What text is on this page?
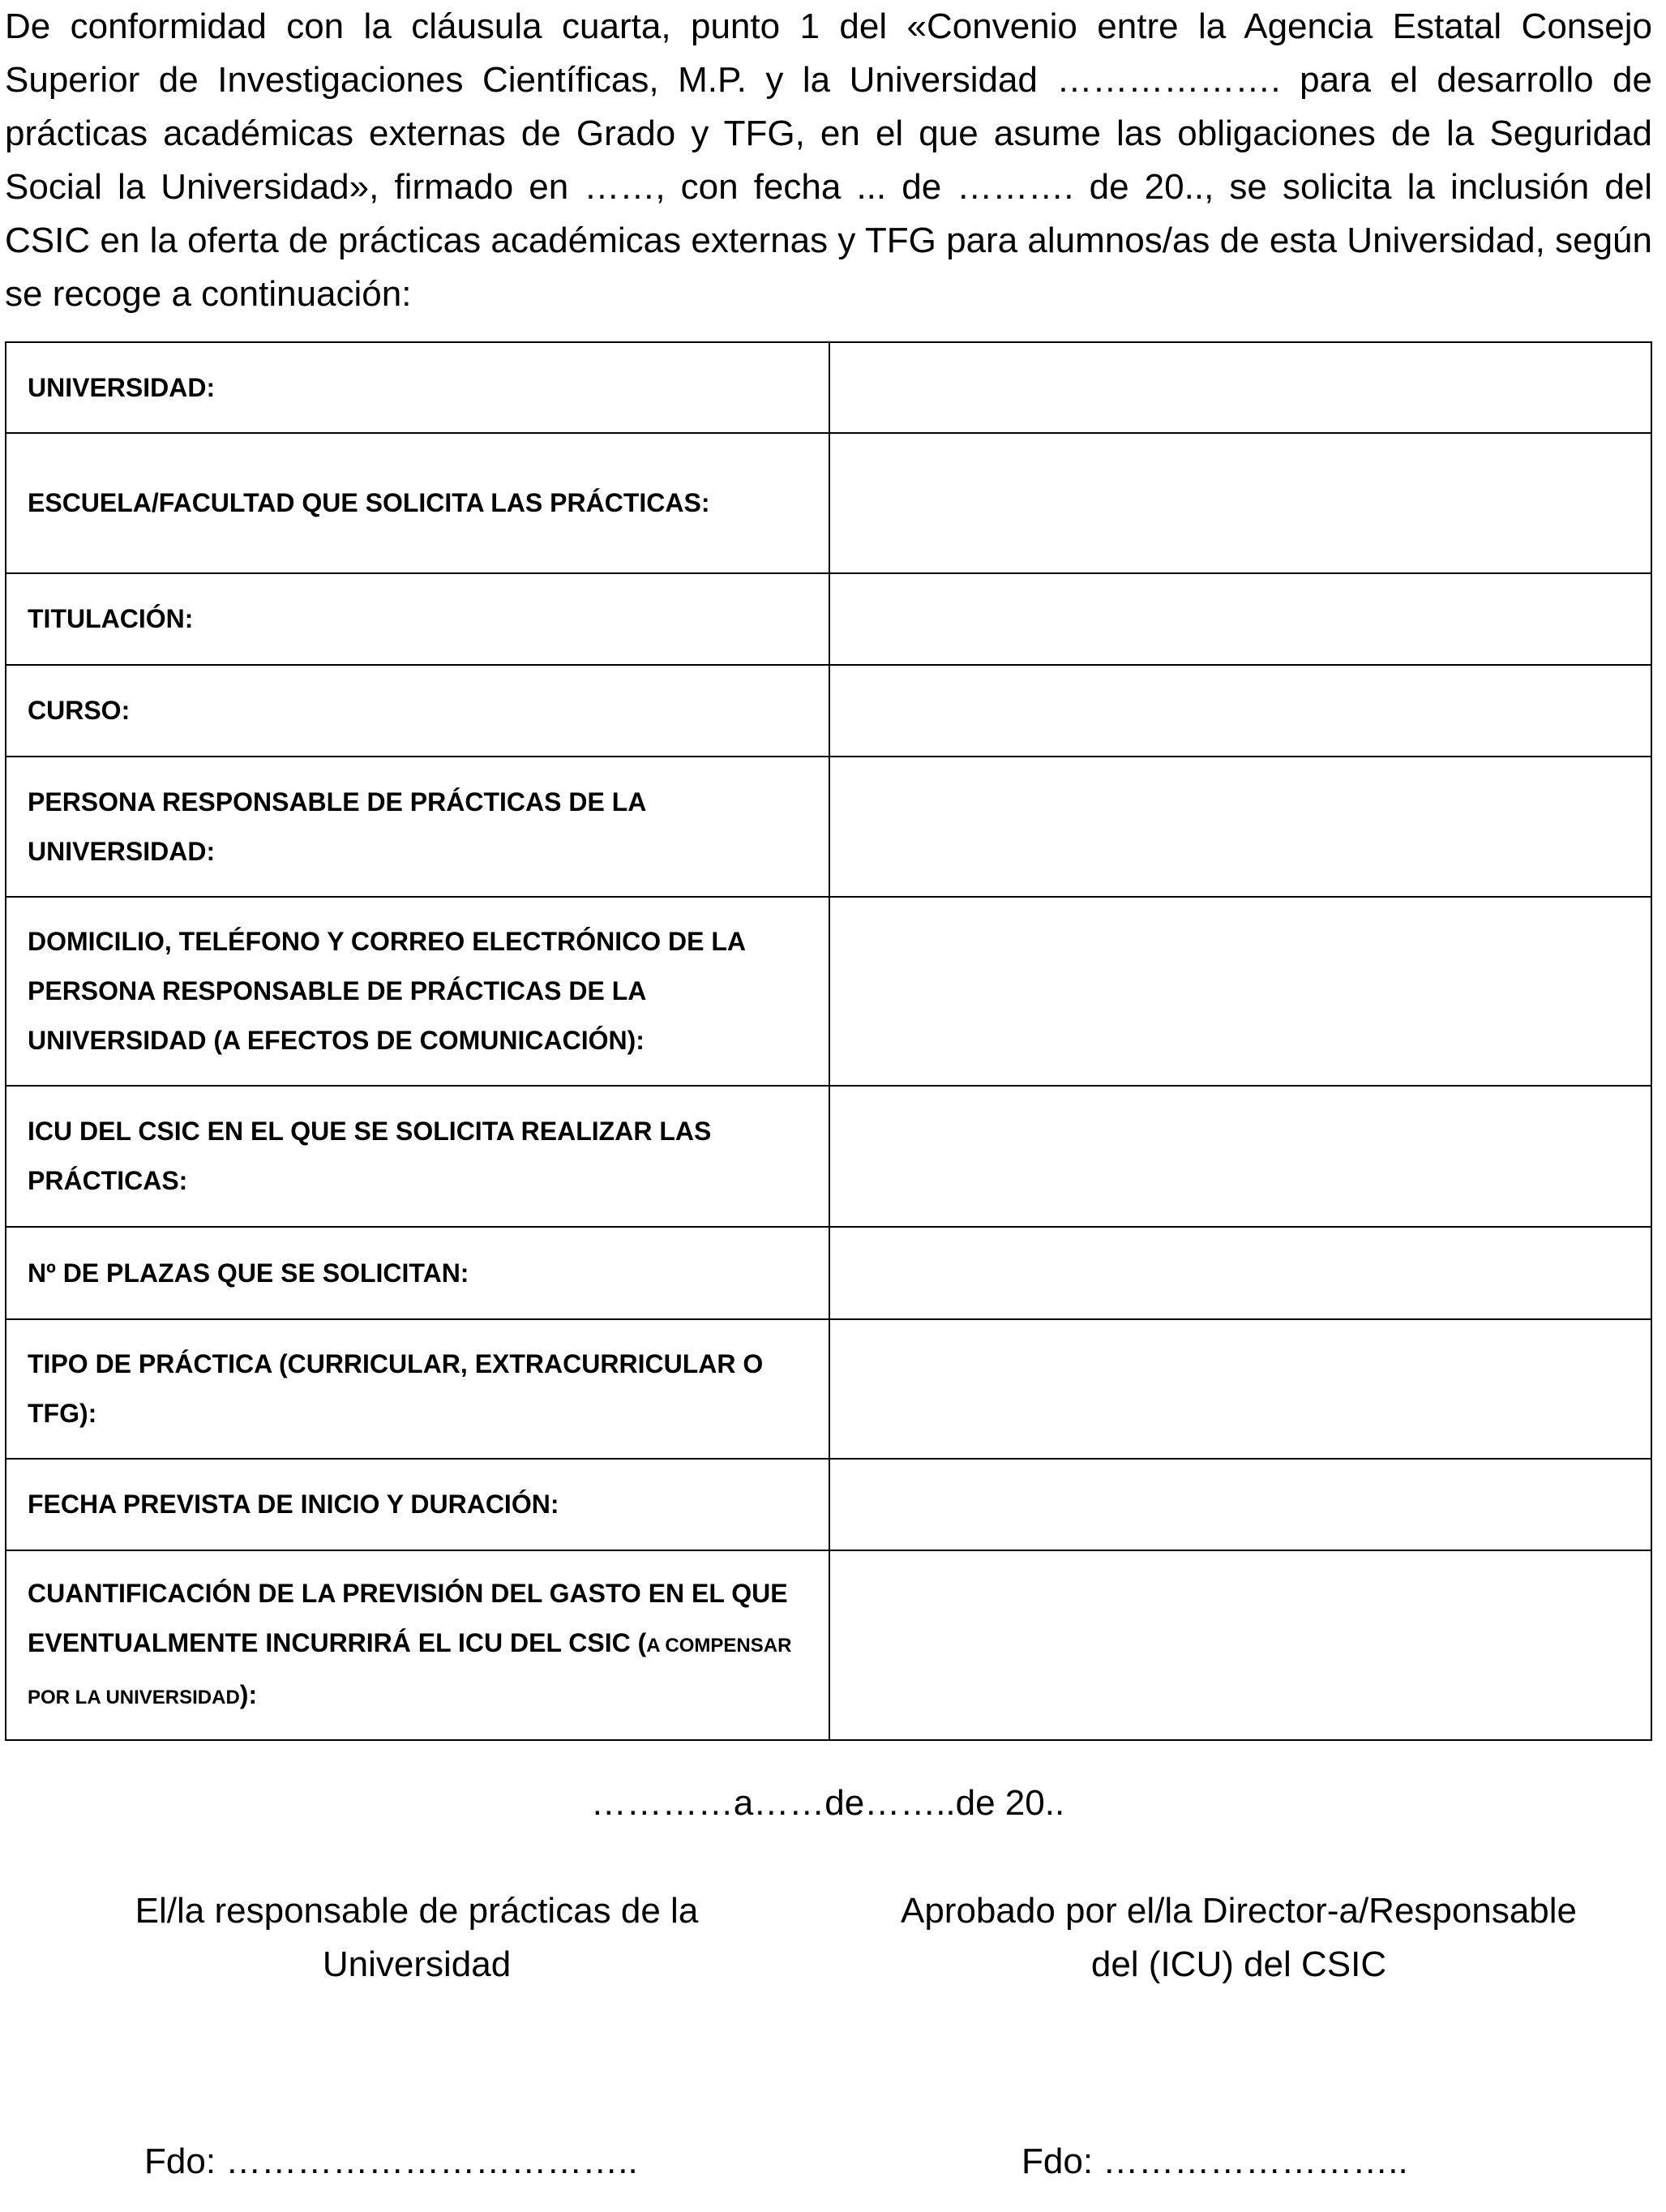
De conformidad con la cláusula cuarta, punto 1 del «Convenio entre la Agencia Estatal Consejo Superior de Investigaciones Científicas, M.P. y la Universidad ………………. para el desarrollo de prácticas académicas externas de Grado y TFG, en el que asume las obligaciones de la Seguridad Social la Universidad», firmado en ……, con fecha ... de ………. de 20.., se solicita la inclusión del CSIC en la oferta de prácticas académicas externas y TFG para alumnos/as de esta Universidad, según se recoge a continuación:

UNIVERSIDAD:	
ESCUELA/FACULTAD QUE SOLICITA LAS PRÁCTICAS:	
TITULACIÓN:	
CURSO:	
PERSONA RESPONSABLE DE PRÁCTICAS DE LA UNIVERSIDAD:	
DOMICILIO, TELÉFONO Y CORREO ELECTRÓNICO DE LA PERSONA RESPONSABLE DE PRÁCTICAS DE LA UNIVERSIDAD (A EFECTOS DE COMUNICACIÓN):	
ICU DEL CSIC EN EL QUE SE SOLICITA REALIZAR LAS PRÁCTICAS:	
Nº DE PLAZAS QUE SE SOLICITAN:	
TIPO DE PRÁCTICA (CURRICULAR, EXTRACURRICULAR O TFG):	
FECHA PREVISTA DE INICIO Y DURACIÓN:	
CUANTIFICACIÓN DE LA PREVISIÓN DEL GASTO EN EL QUE EVENTUALMENTE INCURRIRÁ EL ICU DEL CSIC (A COMPENSAR POR LA UNIVERSIDAD):	
…………a……de……..de 20..
El/la responsable de prácticas de la
Universidad
Aprobado por el/la Director-a/Responsable
del (ICU) del CSIC
Fdo: ……………………………..	Fdo: ……………………..
